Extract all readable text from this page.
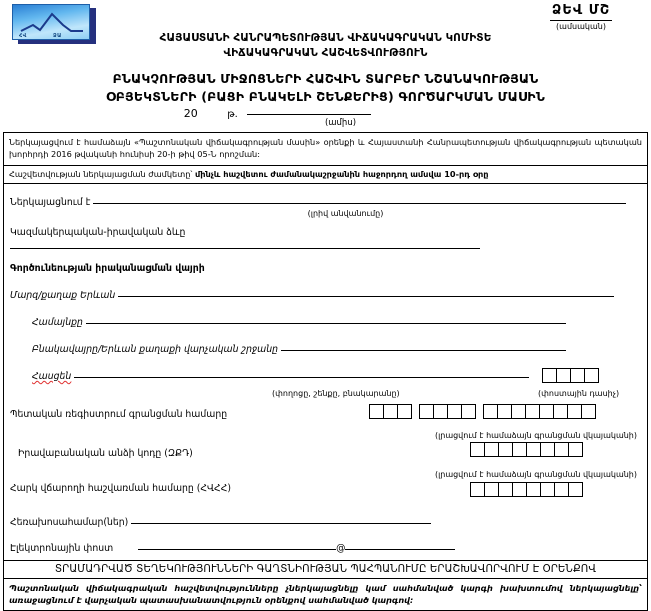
ՀՎ	ՁԱ
ՁԵՎ ՄՇ
(ամսական)
ՀԱՅԱՍՏԱՆԻ ՀԱՆՐԱՊԵՏՈՒԹՅԱՆ ՎԻՃԱԿԱԳՐԱԿԱՆ ԿՈՄԻՏԵ
ՎԻՃԱԿԱԳՐԱԿԱՆ ՀԱՇՎԵՏՎՈՒԹՅՈՒՆ
ԲՆԱԿՉՈՒԹՅԱՆ ՄԻՋՈՑՆԵՐԻ ՀԱՇՎԻՆ ՏԱՐԲԵՐ ՆՇԱՆԱԿՈՒԹՅԱՆ
ՕԲՅԵԿՏՆԵՐԻ (ԲԱՑԻ ԲՆԱԿԵԼԻ ՇԵՆՔԵՐԻՑ) ԳՈՐԾԱՐԿՄԱՆ ՄԱՍԻՆ
20	թ.
(ամիս)
Ներկայացվում է համաձայն «Պաշտոնական վիճակագրության մասին» օրենքի և Հայաստանի Հանրապետության վիճակագրության պետական խորհրդի 2016 թվականի հունիսի 20-ի թիվ 05-Ն որոշման:
Հաշվետվության ներկայացման ժամկետը՝ մինչև հաշվետու ժամանակաշրջանին հաջորդող ամսվա 10-րդ օրը
Ներկայացնում է
(լրիվ անվանումը)
Կազմակերպական-իրավական ձևը
Գործունեության իրականացման վայրի
Մարզ/քաղաք Երևան
Համայնքը
Բնակավայրը/Երևան քաղաքի վարչական շրջանը
Հասցեն
(փողոցը, շենքը, բնակարանը)	(փոստային դասիչ)
Պետական ռեգիստրում գրանցման համարը
(լրացվում է համաձայն գրանցման վկայականի)
Իրավաբանական անձի կոդը (ԶՔԴ)
(լրացվում է համաձայն գրանցման վկայականի)
Հարկ վճարողի հաշվառման համարը (ՀՎՀՀ)
Հեռախոսահամար(ներ)
Էլեկտրոնային փոստ	@
ՏՐԱՄԱԴՐՎԱԾ ՏԵՂԵԿՈՒԹՅՈՒՆՆԵՐԻ ԳԱՂՏՆԻՈՒԹՅԱՆ ՊԱՀՊԱՆՈՒՄԸ ԵՐԱՇԽԱՎՈՐՎՈՒՄ Է ՕՐԵՆՔՈՎ
Պաշտոնական վիճակագրական հաշվետվությունները չներկայացնելը կամ սահմանված կարգի խախտումով ներկայացնելը՝ առաջացնում է վարչական պատասխանատվություն օրենքով սահմանված կարգով:
